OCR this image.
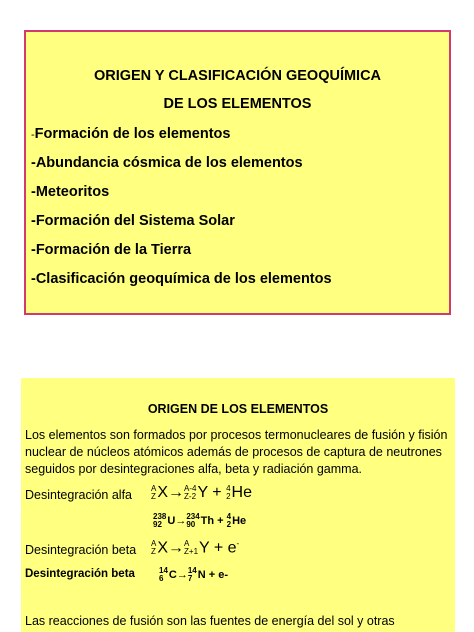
ORIGEN Y CLASIFICACIÓN GEOQUÍMICA
DE LOS ELEMENTOS
-Formación de los elementos
-Abundancia cósmica de los elementos
-Meteoritos
-Formación del Sistema Solar
-Formación de la Tierra
-Clasificación geoquímica de los elementos
ORIGEN DE LOS ELEMENTOS

Los elementos son formados por procesos termonucleares de fusión y fisión nuclear de núcleos atómicos además de procesos de captura de neutrones seguidos por desintegraciones alfa, beta y radiación gamma.

Desintegración alfa A
Z X→ A-4
Z-2 Y + 4
2 He
238
92 U→ 234
90 Th + 4
2 He
Desintegración beta A
Z X→ A
Z+1 Y + e-
Desintegración beta	14
6 C→ 14
7 N + e-
Las reacciones de fusión son las fuentes de energía del sol y otras
